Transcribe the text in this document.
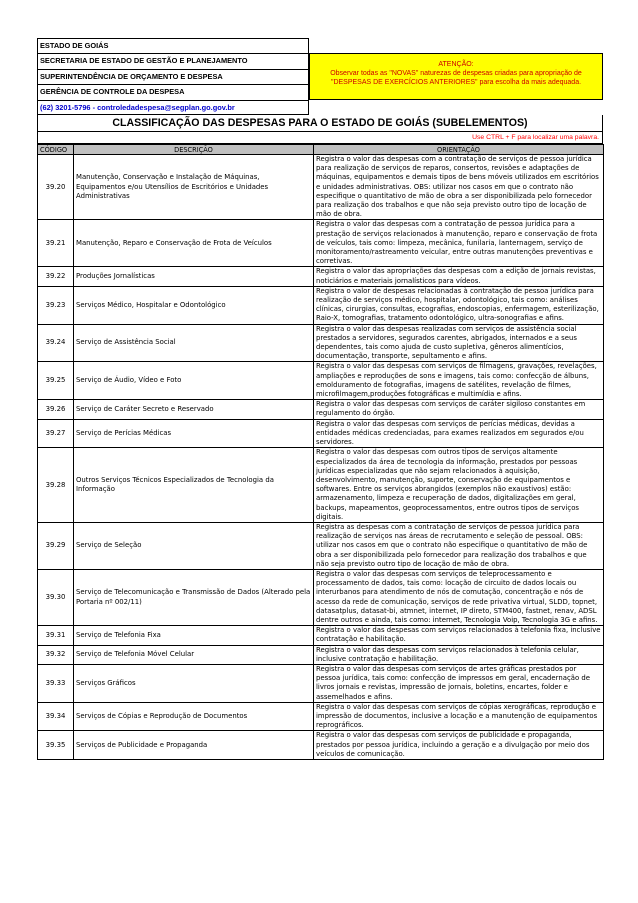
ESTADO DE GOIÁS
SECRETARIA DE ESTADO DE GESTÃO E PLANEJAMENTO
SUPERINTENDÊNCIA DE ORÇAMENTO E DESPESA
GERÊNCIA DE CONTROLE DA DESPESA
(62) 3201-5796 - controledadespesa@segplan.go.gov.br
ATENÇÃO:
Observar todas as "NOVAS" naturezas de despesas criadas para apropriação de
"DESPESAS DE EXERCÍCIOS ANTERIORES" para escolha da mais adequada.
CLASSIFICAÇÃO DAS DESPESAS PARA O ESTADO DE GOIÁS (SUBELEMENTOS)
Use CTRL + F para localizar uma palavra.
CÓDIGO	DESCRIÇÃO	ORIENTAÇÃO
39.20	Manutenção, Conservação e Instalação de Máquinas, Equipamentos e/ou Utensílios de Escritórios e Unidades Administrativas	Registra o valor das despesas com a contratação de serviços de pessoa jurídica para realização de serviços de reparos, consertos, revisões e adaptações de máquinas, equipamentos e demais tipos de bens móveis utilizados em escritórios e unidades administrativas. OBS: utilizar nos casos em que o contrato não especifique o quantitativo de mão de obra a ser disponibilizada pelo fornecedor para realização dos trabalhos e que não seja previsto outro tipo de locação de mão de obra.
39.21	Manutenção, Reparo e Conservação de Frota de Veículos	Registra o valor das despesas com a contratação de pessoa jurídica para a prestação de serviços relacionados à manutenção, reparo e conservação de frota de veículos, tais como: limpeza, mecânica, funilaria, lanternagem, serviço de monitoramento/rastreamento veicular, entre outras manutenções preventivas e corretivas.
39.22	Produções Jornalísticas	Registra o valor das apropriações das despesas com a edição de jornais revistas, noticiários e materiais jornalísticos para vídeos.
39.23	Serviços Médico, Hospitalar e Odontológico	Registra o valor de despesas relacionadas à contratação de pessoa jurídica para realização de serviços médico, hospitalar, odontológico, tais como: análises clínicas, cirurgias, consultas, ecografias, endoscopias, enfermagem, esterilização, Raio-X, tomografias, tratamento odontológico, ultra-sonografias e afins.
39.24	Serviço de Assistência Social	Registra o valor das despesas realizadas com serviços de assistência social prestados a servidores, segurados carentes, abrigados, internados e a seus dependentes, tais como ajuda de custo supletiva, gêneros alimentícios, documentação, transporte, sepultamento e afins.
39.25	Serviço de Áudio, Vídeo e Foto	Registra o valor das despesas com serviços de filmagens, gravações, revelações, ampliações e reproduções de sons e imagens, tais como: confecção de álbuns, emolduramento de fotografias, imagens de satélites, revelação de filmes, microfilmagem,produções fotográficas e multimídia e afins.
39.26	Serviço de Caráter Secreto e Reservado	Registra o valor das despesas com serviços de caráter sigiloso constantes em regulamento do órgão.
39.27	Serviço de Perícias Médicas	Registra o valor das despesas com serviços de perícias médicas, devidas a entidades médicas credenciadas, para exames realizados em segurados e/ou servidores.
39.28	Outros Serviços Técnicos Especializados de Tecnologia da Informação	Registra o valor das despesas com outros tipos de serviços altamente especializados da área de tecnologia da informação, prestados por pessoas jurídicas especializadas que não sejam relacionados à aquisição, desenvolvimento, manutenção, suporte, conservação de equipamentos e softwares. Entre os serviços abrangidos (exemplos não exaustivos) estão: armazenamento, limpeza e recuperação de dados, digitalizações em geral, backups, mapeamentos, geoprocessamentos, entre outros tipos de serviços digitais.
39.29	Serviço de Seleção	Registra as despesas com a contratação de serviços de pessoa jurídica para realização de serviços nas áreas de recrutamento e seleção de pessoal. OBS: utilizar nos casos em que o contrato não especifique o quantitativo de mão de obra a ser disponibilizada pelo fornecedor para realização dos trabalhos e que não seja previsto outro tipo de locação de mão de obra.
39.30	Serviço de Telecomunicação e Transmissão de Dados (Alterado pela Portaria nº 002/11)	Registra o valor das despesas com serviços de teleprocessamento e processamento de dados, tais como: locação de circuito de dados locais ou interurbanos para atendimento de nós de comutação, concentração e nós de acesso da rede de comunicação, serviços de rede privativa virtual, SLDD, topnet, datasatplus, datasat-bi, atmnet, internet, IP direto, STM400, fastnet, renav, ADSL dentre outros e ainda, tais como: internet, Tecnologia Voip, Tecnologia 3G e afins.
39.31	Serviço de Telefonia Fixa	Registra o valor das despesas com serviços relacionados à telefonia fixa, inclusive contratação e habilitação.
39.32	Serviço de Telefonia Móvel Celular	Registra o valor das despesas com serviços relacionados à telefonia celular, inclusive contratação e habilitação.
39.33	Serviços Gráficos	Registra o valor das despesas com serviços de artes gráficas prestados por pessoa jurídica, tais como: confecção de impressos em geral, encadernação de livros jornais e revistas, impressão de jornais, boletins, encartes, folder e assemelhados e afins.
39.34	Serviços de Cópias e Reprodução de Documentos	Registra o valor das despesas com serviços de cópias xerográficas, reprodução e impressão de documentos, inclusive a locação e a manutenção de equipamentos reprográficos.
39.35	Serviços de Publicidade e Propaganda	Registra o valor das despesas com serviços de publicidade e propaganda, prestados por pessoa jurídica, incluindo a geração e a divulgação por meio dos veículos de comunicação.
